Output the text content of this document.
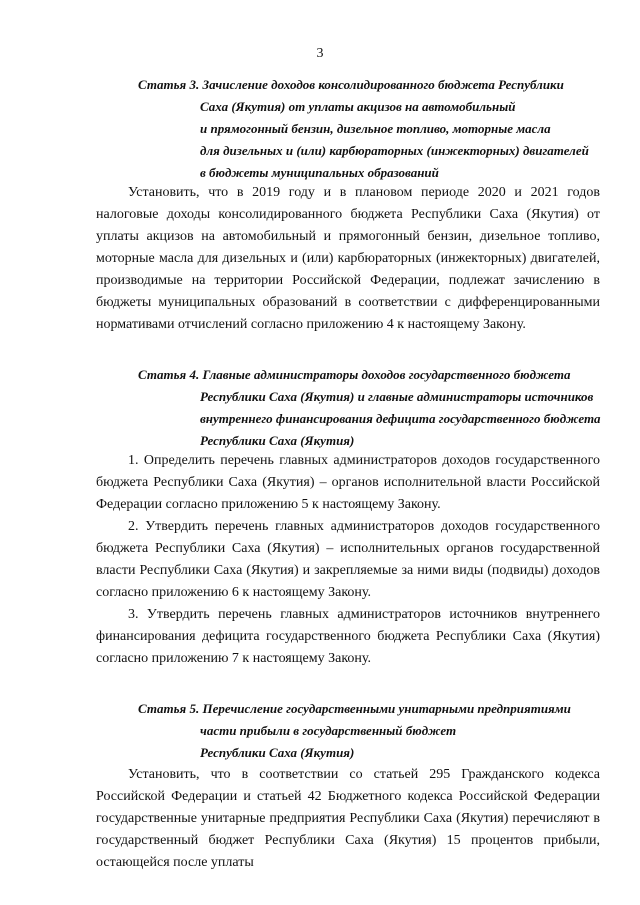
3
Статья 3. Зачисление доходов консолидированного бюджета Республики
Саха (Якутия) от уплаты акцизов на автомобильный
и прямогонный бензин, дизельное топливо, моторные масла
для дизельных и (или) карбюраторных (инжекторных) двигателей
в бюджеты муниципальных образований

Установить, что в 2019 году и в плановом периоде 2020 и 2021 годов налоговые доходы консолидированного бюджета Республики Саха (Якутия) от уплаты акцизов на автомобильный и прямогонный бензин, дизельное топливо, моторные масла для дизельных и (или) карбюраторных (инжекторных) двигателей, производимые на территории Российской Федерации, подлежат зачислению в бюджеты муниципальных образований в соответствии с дифференцированными нормативами отчислений согласно приложению 4 к настоящему Закону.

Статья 4. Главные администраторы доходов государственного бюджета
Республики Саха (Якутия) и главные администраторы источников
внутреннего финансирования дефицита государственного бюджета
Республики Саха (Якутия)

1. Определить перечень главных администраторов доходов государственного бюджета Республики Саха (Якутия) – органов исполнительной власти Российской Федерации согласно приложению 5 к настоящему Закону.

2. Утвердить перечень главных администраторов доходов государственного бюджета Республики Саха (Якутия) – исполнительных органов государственной власти Республики Саха (Якутия) и закрепляемые за ними виды (подвиды) доходов согласно приложению 6 к настоящему Закону.

3. Утвердить перечень главных администраторов источников внутреннего финансирования дефицита государственного бюджета Республики Саха (Якутия) согласно приложению 7 к настоящему Закону.

Статья 5. Перечисление государственными унитарными предприятиями
части прибыли в государственный бюджет
Республики Саха (Якутия)

Установить, что в соответствии со статьей 295 Гражданского кодекса Российской Федерации и статьей 42 Бюджетного кодекса Российской Федерации государственные унитарные предприятия Республики Саха (Якутия) перечисляют в государственный бюджет Республики Саха (Якутия) 15 процентов прибыли, остающейся после уплаты
